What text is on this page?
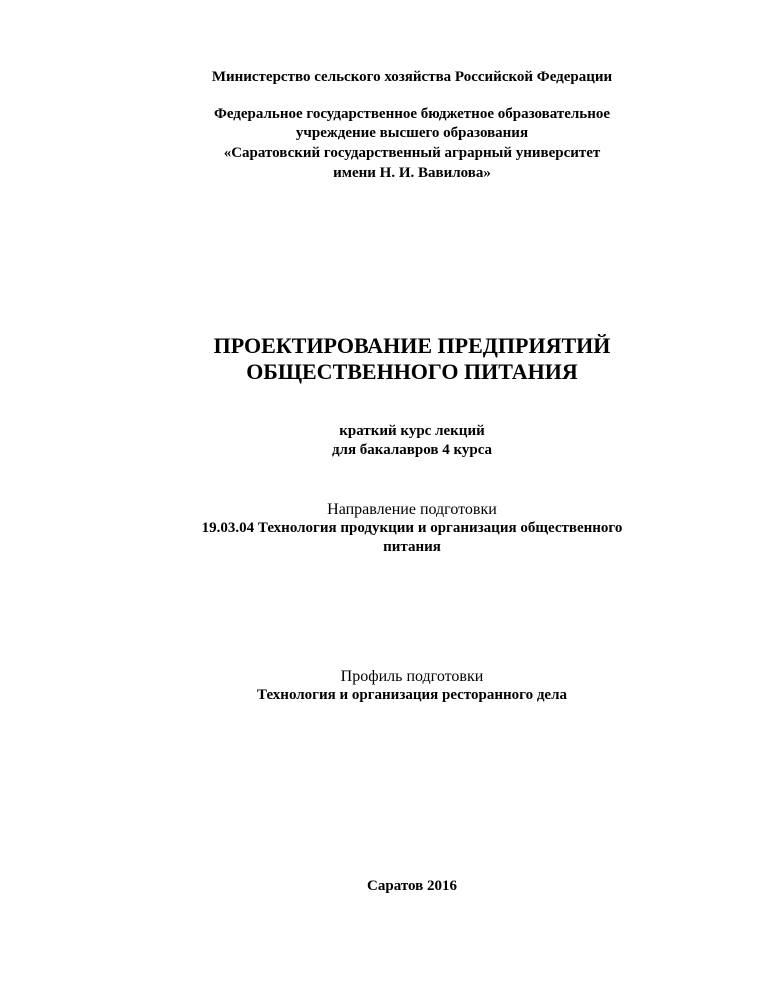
Министерство сельского хозяйства Российской Федерации
Федеральное государственное бюджетное образовательное
учреждение высшего образования
«Саратовский государственный аграрный университет
имени Н. И. Вавилова»
ПРОЕКТИРОВАНИЕ ПРЕДПРИЯТИЙ
ОБЩЕСТВЕННОГО ПИТАНИЯ
краткий курс лекций
для бакалавров 4 курса
Направление подготовки
19.03.04 Технология продукции и организация общественного
питания
Профиль подготовки
Технология и организация ресторанного дела
Саратов 2016
